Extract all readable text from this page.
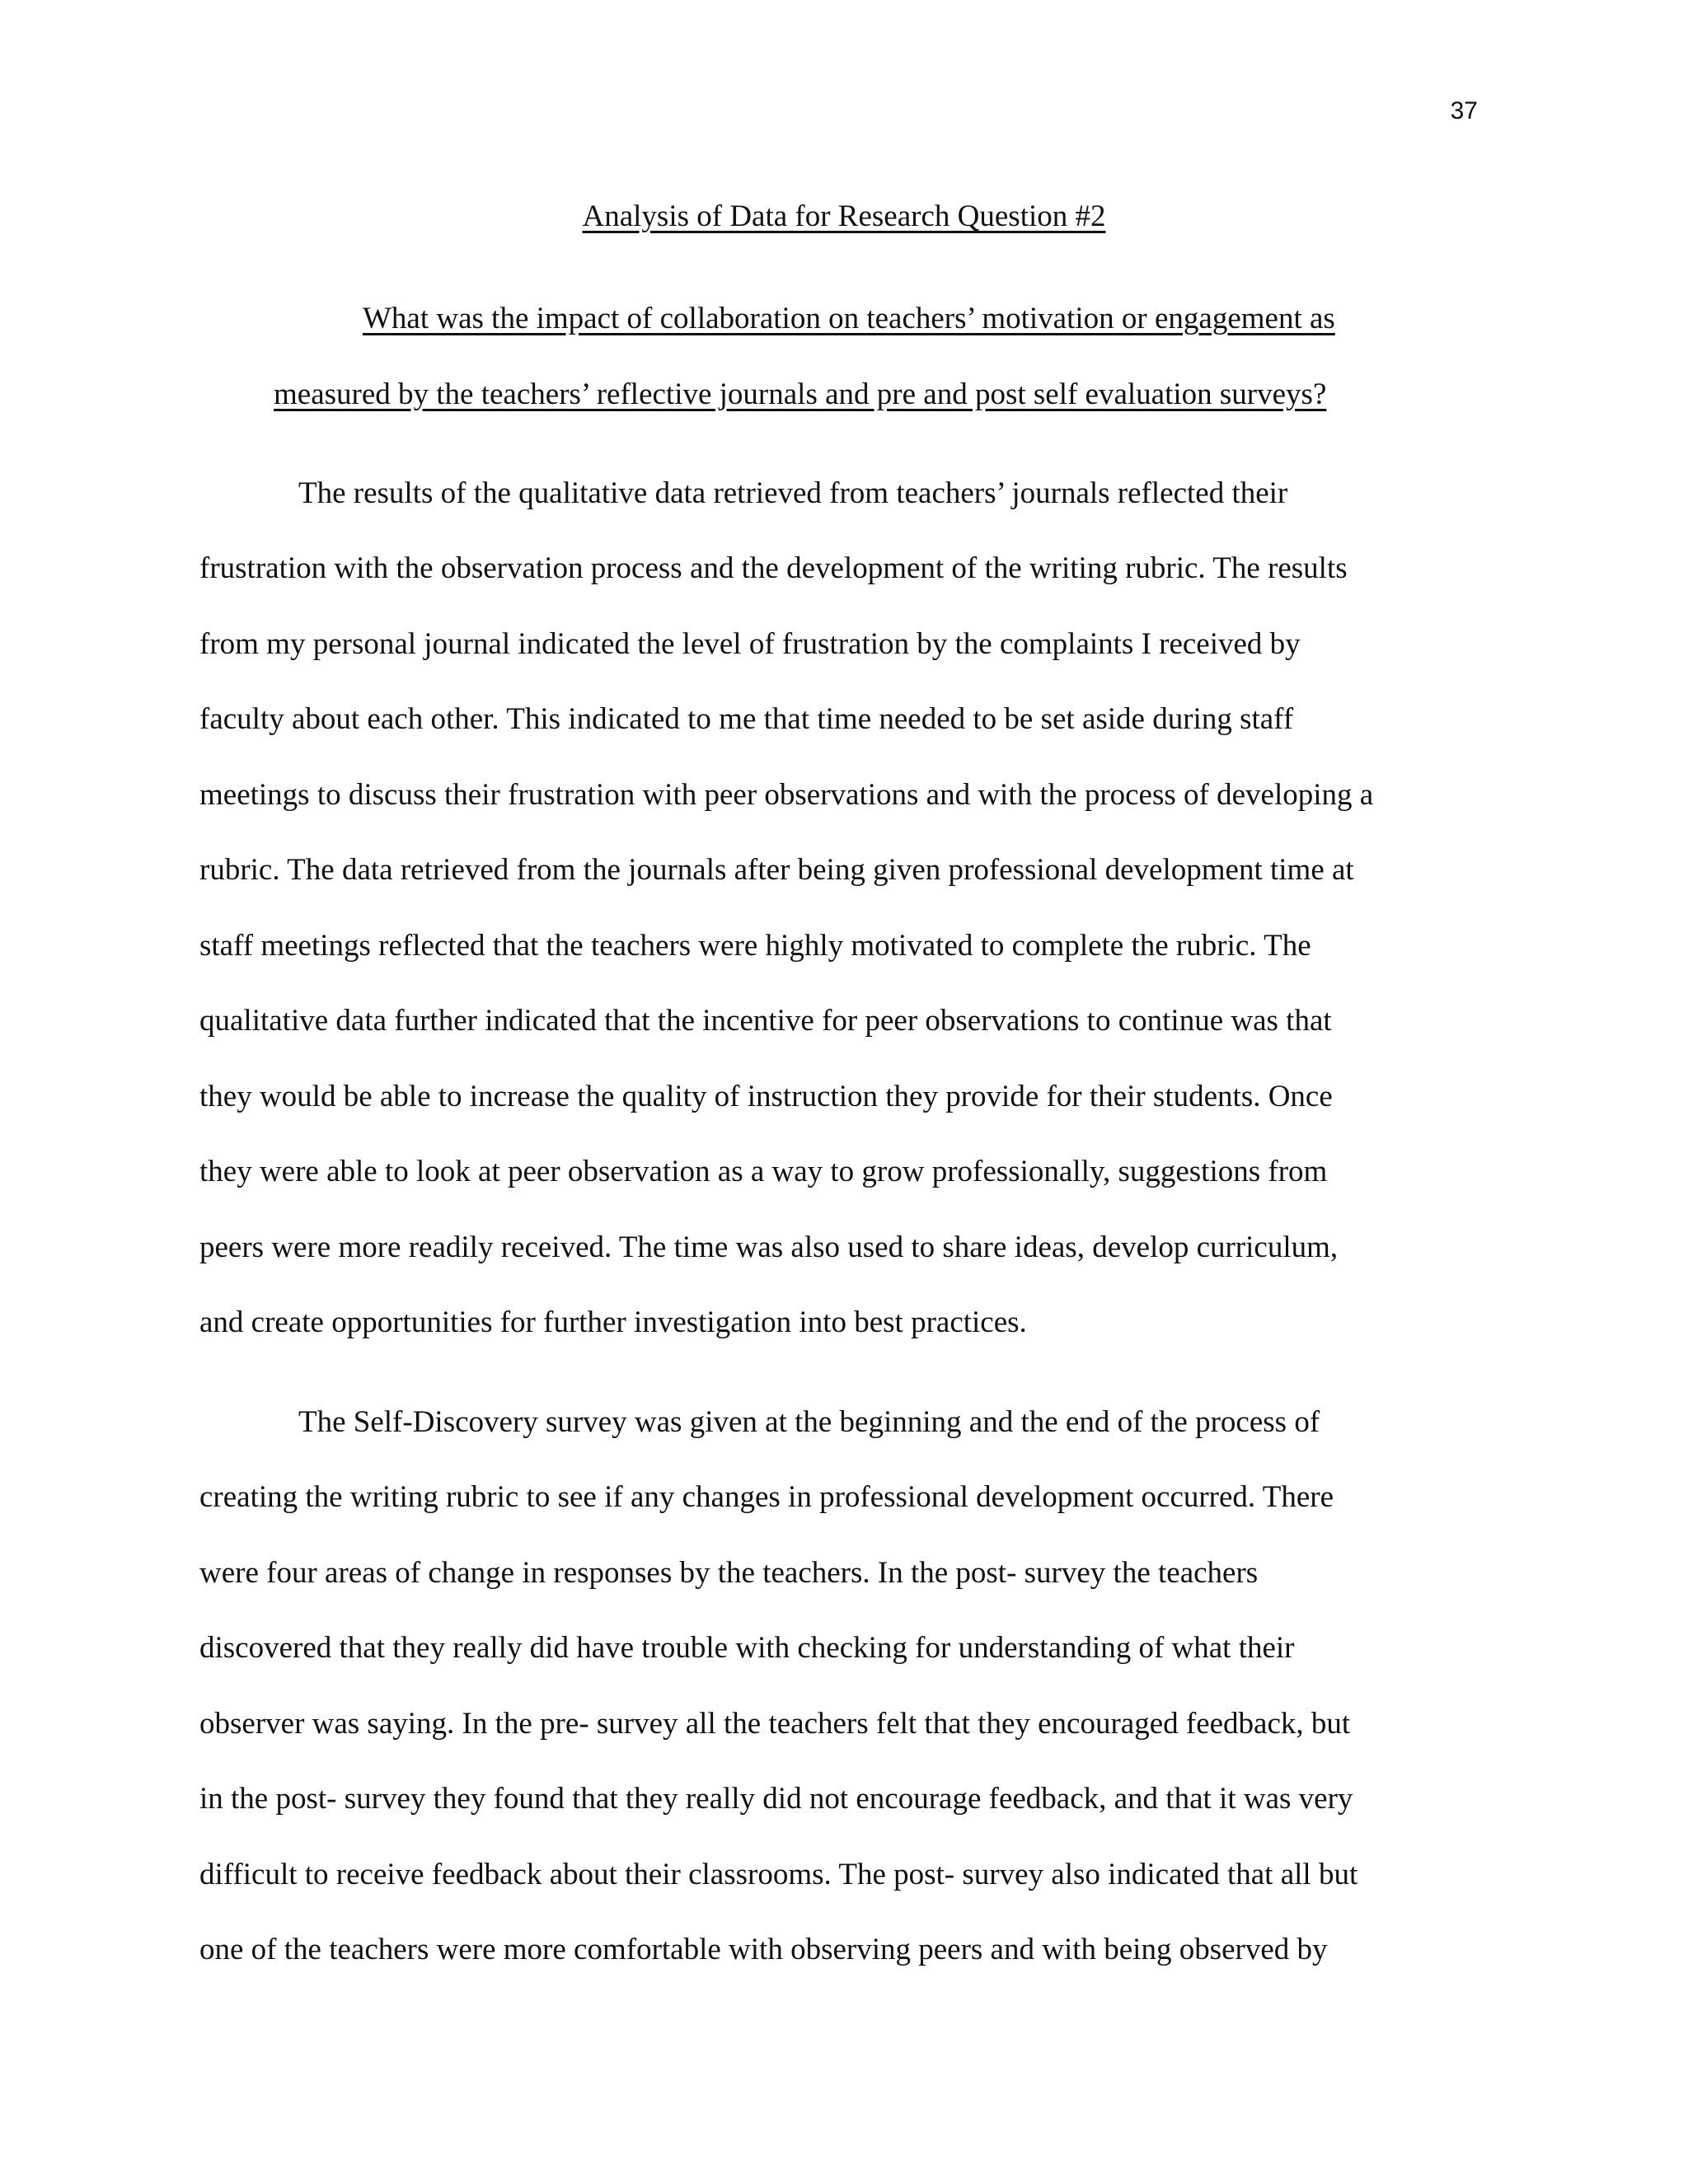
37
Analysis of Data for Research Question #2

What was the impact of collaboration on teachers’ motivation or engagement as

measured by the teachers’ reflective journals and pre and post self evaluation surveys?

The results of the qualitative data retrieved from teachers’ journals reflected their

frustration with the observation process and the development of the writing rubric. The results

from my personal journal indicated the level of frustration by the complaints I received by

faculty about each other. This indicated to me that time needed to be set aside during staff

meetings to discuss their frustration with peer observations and with the process of developing a

rubric. The data retrieved from the journals after being given professional development time at

staff meetings reflected that the teachers were highly motivated to complete the rubric. The

qualitative data further indicated that the incentive for peer observations to continue was that

they would be able to increase the quality of instruction they provide for their students. Once

they were able to look at peer observation as a way to grow professionally, suggestions from

peers were more readily received. The time was also used to share ideas, develop curriculum,

and create opportunities for further investigation into best practices.

The Self-Discovery survey was given at the beginning and the end of the process of

creating the writing rubric to see if any changes in professional development occurred. There

were four areas of change in responses by the teachers. In the post- survey the teachers

discovered that they really did have trouble with checking for understanding of what their

observer was saying. In the pre- survey all the teachers felt that they encouraged feedback, but

in the post- survey they found that they really did not encourage feedback, and that it was very

difficult to receive feedback about their classrooms. The post- survey also indicated that all but

one of the teachers were more comfortable with observing peers and with being observed by
